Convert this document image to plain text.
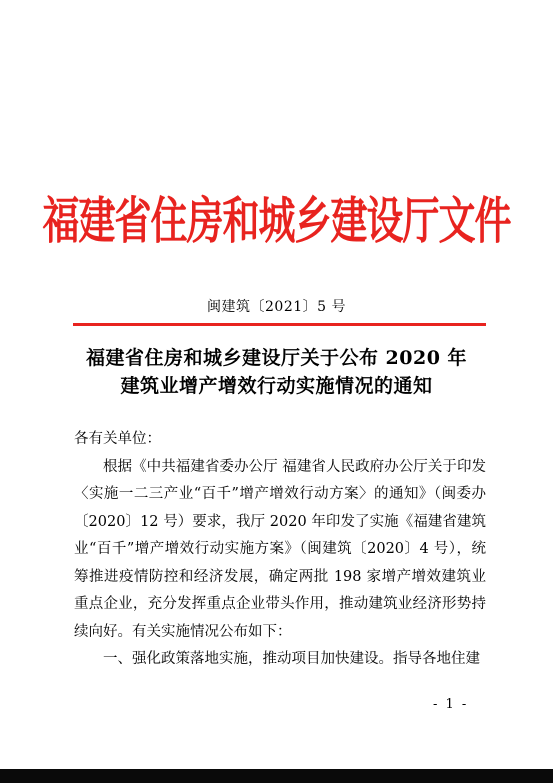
福建省住房和城乡建设厅文件
闽建筑〔2021〕5 号
福建省住房和城乡建设厅关于公布 2020 年
建筑业增产增效行动实施情况的通知
各有关单位：
根据《中共福建省委办公厅 福建省人民政府办公厅关于印发〈实施一二三产业“百千”增产增效行动方案〉的通知》（闽委办〔2020〕12 号）要求，我厅 2020 年印发了实施《福建省建筑业“百千”增产增效行动实施方案》（闽建筑〔2020〕4 号），统筹推进疫情防控和经济发展，确定两批 198 家增产增效建筑业重点企业，充分发挥重点企业带头作用，推动建筑业经济形势持续向好。有关实施情况公布如下：
一、强化政策落地实施，推动项目加快建设。指导各地住建
- 1 -
